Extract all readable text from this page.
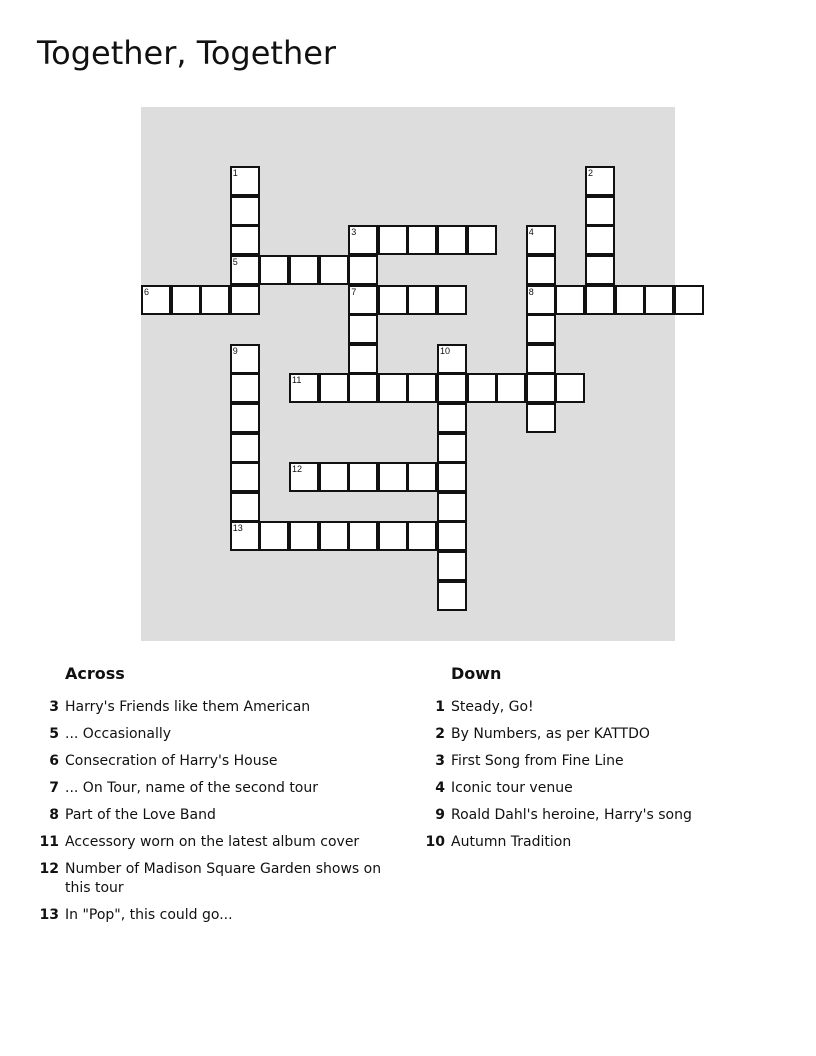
Together, Together
1
5
2
3
7
4
8
6
9
13
10
11
12
Across
3 Harry's Friends like them American
5 ... Occasionally
6 Consecration of Harry's House
7 ... On Tour, name of the second tour
8 Part of the Love Band
11 Accessory worn on the latest album cover
12 Number of Madison Square Garden shows on this tour
13 In "Pop", this could go...
Down
1 Steady, Go!
2 By Numbers, as per KATTDO
3 First Song from Fine Line
4 Iconic tour venue
9 Roald Dahl's heroine, Harry's song
10 Autumn Tradition
